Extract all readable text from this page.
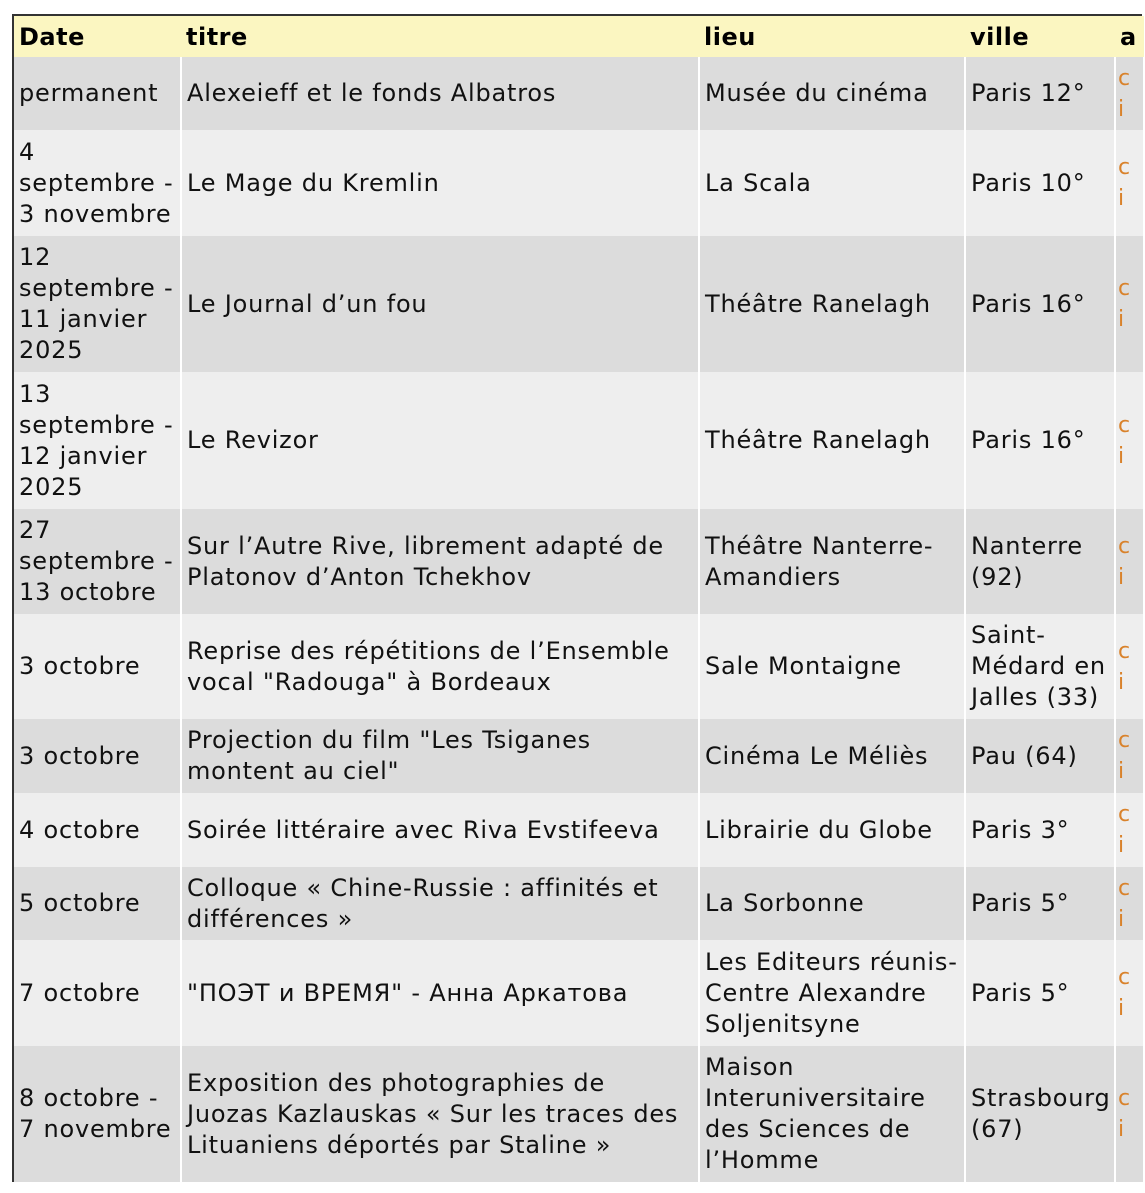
Date	titre	lieu	ville	a
permanent	Alexeieff et le fonds Albatros	Musée du cinéma	Paris 12°	c
i

4 septembre - 3 novembre	Le Mage du Kremlin	La Scala	Paris 10°	c
i

12 septembre - 11 janvier 2025	Le Journal d’un fou	Théâtre Ranelagh	Paris 16°	c
i

13 septembre - 12 janvier 2025	Le Revizor	Théâtre Ranelagh	Paris 16°	c
i

27 septembre - 13 octobre	Sur l’Autre Rive, librement adapté de Platonov d’Anton Tchekhov	Théâtre Nanterre-Amandiers	Nanterre (92)	c
i

3 octobre	Reprise des répétitions de l’Ensemble vocal "Radouga" à Bordeaux	Sale Montaigne	Saint-Médard en Jalles (33)	c
i

3 octobre	Projection du film "Les Tsiganes montent au ciel"	Cinéma Le Méliès	Pau (64)	c
i

4 octobre	Soirée littéraire avec Riva Evstifeeva	Librairie du Globe	Paris 3°	c
i

5 octobre	Colloque « Chine-Russie : affinités et différences »	La Sorbonne	Paris 5°	c
i

7 octobre	"ПОЭТ и ВРЕМЯ" - Анна Аркатова	Les Editeurs réunis-Centre Alexandre Soljenitsyne	Paris 5°	c
i

8 octobre - 7 novembre	Exposition des photographies de Juozas Kazlauskas « Sur les traces des Lituaniens déportés par Staline »	Maison Interuniversitaire des Sciences de l’Homme	Strasbourg (67)	c
i
